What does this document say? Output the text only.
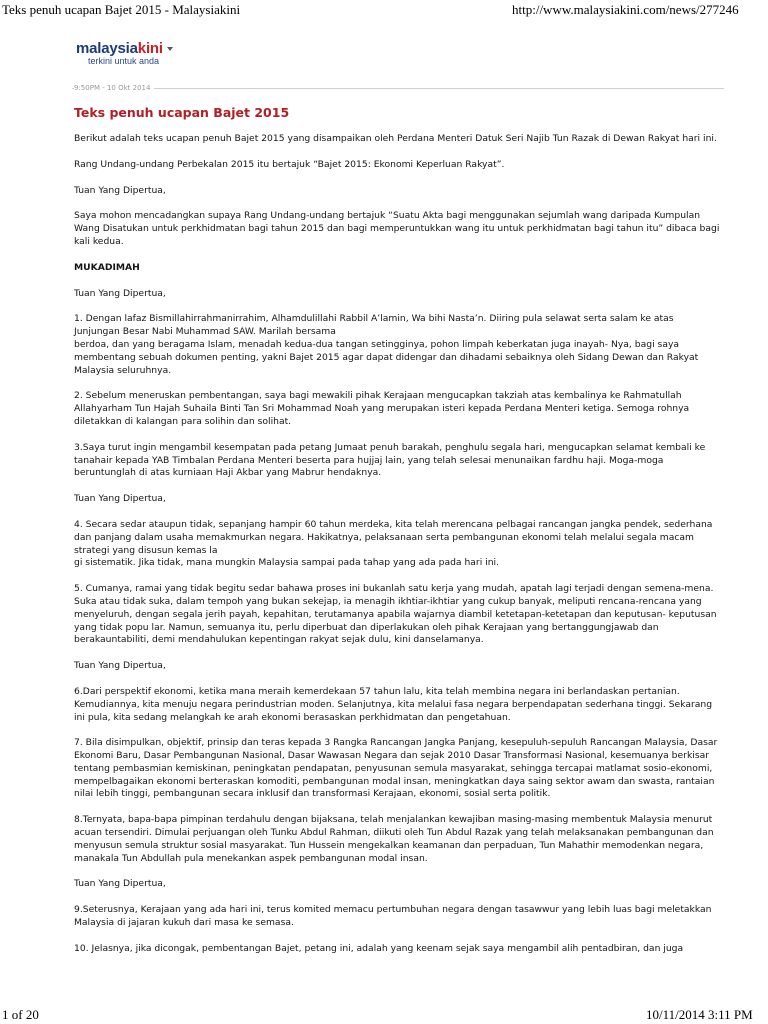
Teks penuh ucapan Bajet 2015 - Malaysiakini	http://www.malaysiakini.com/news/277246
malaysiakini
terkini untuk anda
9:50PM - 10 Okt 2014
Teks penuh ucapan Bajet 2015

Berikut adalah teks ucapan penuh Bajet 2015 yang disampaikan oleh Perdana Menteri Datuk Seri Najib Tun Razak di Dewan Rakyat hari ini.

Rang Undang-undang Perbekalan 2015 itu bertajuk “Bajet 2015: Ekonomi Keperluan Rakyat”.

Tuan Yang Dipertua,

Saya mohon mencadangkan supaya Rang Undang-undang bertajuk “Suatu Akta bagi menggunakan sejumlah wang daripada Kumpulan Wang Disatukan untuk perkhidmatan bagi tahun 2015 dan bagi memperuntukkan wang itu untuk perkhidmatan bagi tahun itu” dibaca bagi kali kedua.

MUKADIMAH

Tuan Yang Dipertua,

1. Dengan lafaz Bismillahirrahmanirrahim, Alhamdulillahi Rabbil A’lamin, Wa bihi Nasta’n. Diiring pula selawat serta salam ke atas Junjungan Besar Nabi Muhammad SAW. Marilah bersama
berdoa, dan yang beragama Islam, menadah kedua-dua tangan setingginya, pohon limpah keberkatan juga inayah- Nya, bagi saya membentang sebuah dokumen penting, yakni Bajet 2015 agar dapat didengar dan dihadami sebaiknya oleh Sidang Dewan dan Rakyat Malaysia seluruhnya.

2. Sebelum meneruskan pembentangan, saya bagi mewakili pihak Kerajaan mengucapkan takziah atas kembalinya ke Rahmatullah Allahyarham Tun Hajah Suhaila Binti Tan Sri Mohammad Noah yang merupakan isteri kepada Perdana Menteri ketiga. Semoga rohnya diletakkan di kalangan para solihin dan solihat.

3.Saya turut ingin mengambil kesempatan pada petang Jumaat penuh barakah, penghulu segala hari, mengucapkan selamat kembali ke tanahair kepada YAB Timbalan Perdana Menteri beserta para hujjaj lain, yang telah selesai menunaikan fardhu haji. Moga-moga beruntunglah di atas kurniaan Haji Akbar yang Mabrur hendaknya.

Tuan Yang Dipertua,

4. Secara sedar ataupun tidak, sepanjang hampir 60 tahun merdeka, kita telah merencana pelbagai rancangan jangka pendek, sederhana dan panjang dalam usaha memakmurkan negara. Hakikatnya, pelaksanaan serta pembangunan ekonomi telah melalui segala macam strategi yang disusun kemas la
gi sistematik. Jika tidak, mana mungkin Malaysia sampai pada tahap yang ada pada hari ini.

5. Cumanya, ramai yang tidak begitu sedar bahawa proses ini bukanlah satu kerja yang mudah, apatah lagi terjadi dengan semena-mena. Suka atau tidak suka, dalam tempoh yang bukan sekejap, ia menagih ikhtiar-ikhtiar yang cukup banyak, meliputi rencana-rencana yang menyeluruh, dengan segala jerih payah, kepahitan, terutamanya apabila wajarnya diambil ketetapan-ketetapan dan keputusan- keputusan yang tidak popu lar. Namun, semuanya itu, perlu diperbuat dan diperlakukan oleh pihak Kerajaan yang bertanggungjawab dan berakauntabiliti, demi mendahulukan kepentingan rakyat sejak dulu, kini danselamanya.

Tuan Yang Dipertua,

6.Dari perspektif ekonomi, ketika mana meraih kemerdekaan 57 tahun lalu, kita telah membina negara ini berlandaskan pertanian. Kemudiannya, kita menuju negara perindustrian moden. Selanjutnya, kita melalui fasa negara berpendapatan sederhana tinggi. Sekarang
ini pula, kita sedang melangkah ke arah ekonomi berasaskan perkhidmatan dan pengetahuan.

7. Bila disimpulkan, objektif, prinsip dan teras kepada 3 Rangka Rancangan Jangka Panjang, kesepuluh-sepuluh Rancangan Malaysia, Dasar Ekonomi Baru, Dasar Pembangunan Nasional, Dasar Wawasan Negara dan sejak 2010 Dasar Transformasi Nasional, kesemuanya berkisar tentang pembasmian kemiskinan, peningkatan pendapatan, penyusunan semula masyarakat, sehingga tercapai matlamat sosio-ekonomi, mempelbagaikan ekonomi berteraskan komoditi, pembangunan modal insan, meningkatkan daya saing sektor awam dan swasta, rantaian nilai lebih tinggi, pembangunan secara inklusif dan transformasi Kerajaan, ekonomi, sosial serta politik.

8.Ternyata, bapa-bapa pimpinan terdahulu dengan bijaksana, telah menjalankan kewajiban masing-masing membentuk Malaysia menurut acuan tersendiri. Dimulai perjuangan oleh Tunku Abdul Rahman, diikuti oleh Tun Abdul Razak yang telah melaksanakan pembangunan dan menyusun semula struktur sosial masyarakat. Tun Hussein mengekalkan keamanan dan perpaduan, Tun Mahathir memodenkan negara, manakala Tun Abdullah pula menekankan aspek pembangunan modal insan.

Tuan Yang Dipertua,

9.Seterusnya, Kerajaan yang ada hari ini, terus komited memacu pertumbuhan negara dengan tasawwur yang lebih luas bagi meletakkan Malaysia di jajaran kukuh dari masa ke semasa.

10. Jelasnya, jika dicongak, pembentangan Bajet, petang ini, adalah yang keenam sejak saya mengambil alih pentadbiran, dan juga

1 of 20	10/11/2014 3:11 PM
